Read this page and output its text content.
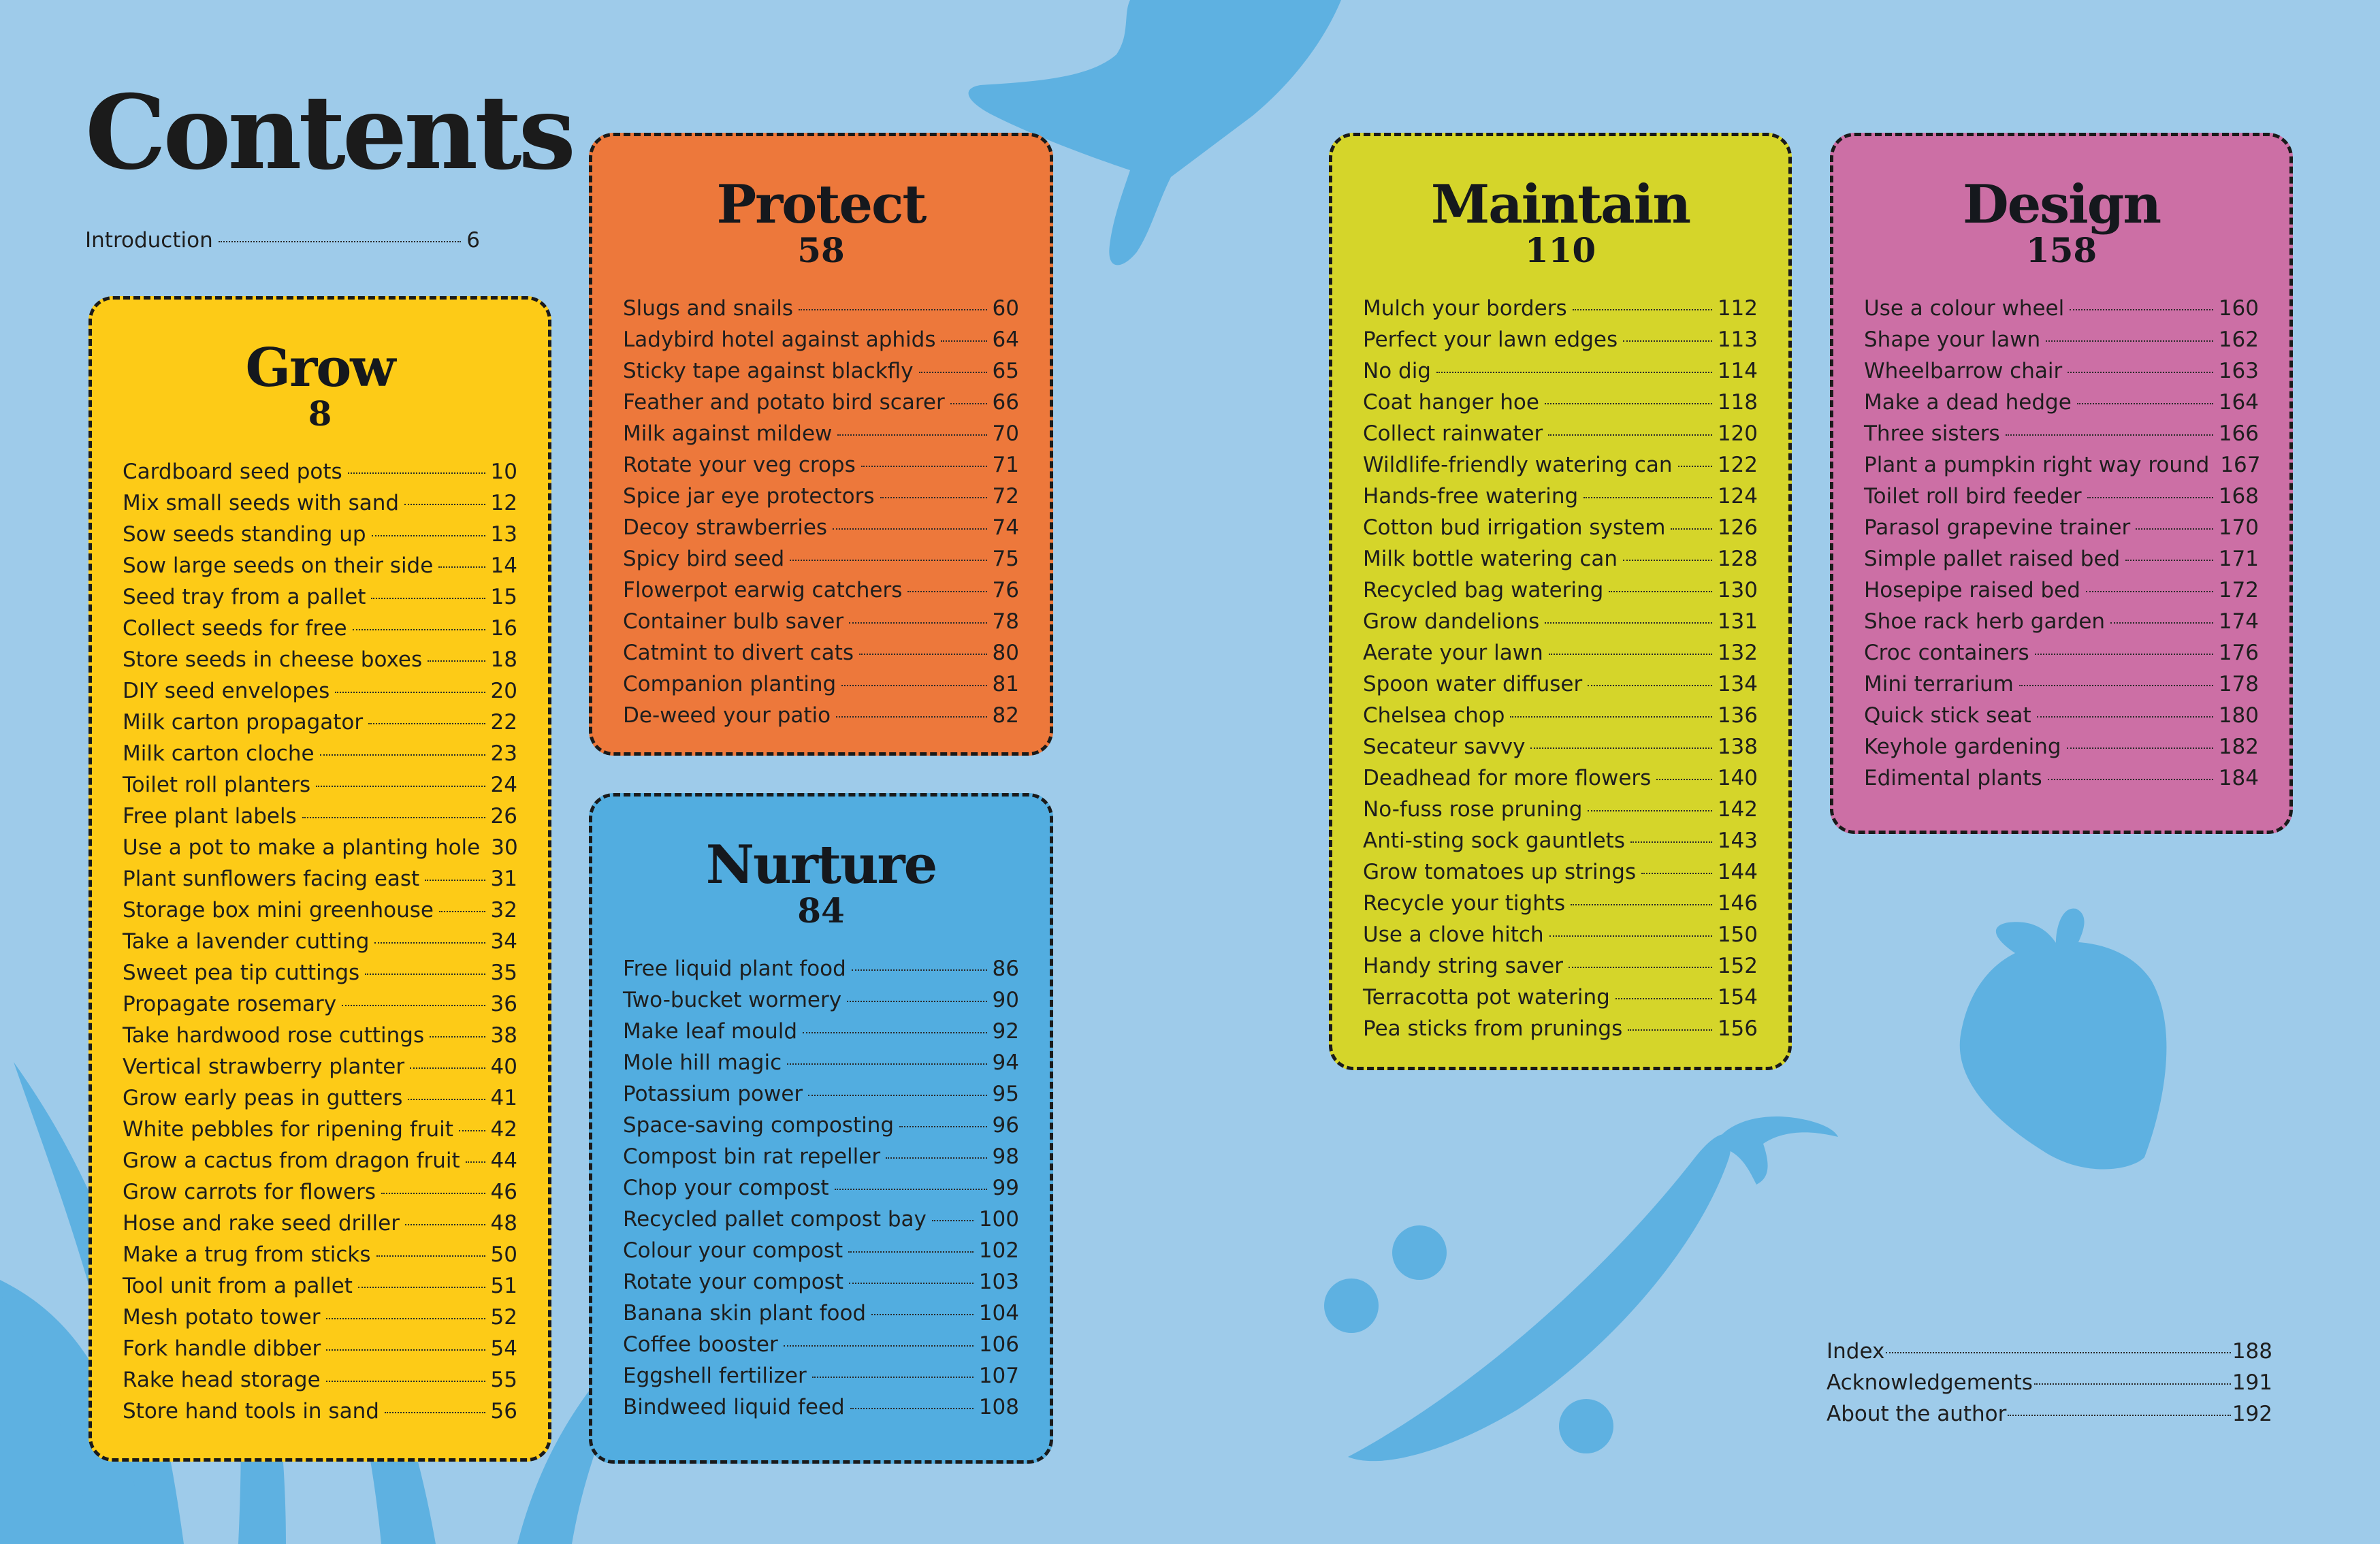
Contents
Introduction	6
Grow
8
Cardboard seed pots	10
Mix small seeds with sand	12
Sow seeds standing up	13
Sow large seeds on their side	14
Seed tray from a pallet	15
Collect seeds for free	16
Store seeds in cheese boxes	18
DIY seed envelopes	20
Milk carton propagator	22
Milk carton cloche	23
Toilet roll planters	24
Free plant labels	26
Use a pot to make a planting hole 30
Plant sunflowers facing east	31
Storage box mini greenhouse	32
Take a lavender cutting	34
Sweet pea tip cuttings	35
Propagate rosemary	36
Take hardwood rose cuttings	38
Vertical strawberry planter	40
Grow early peas in gutters	41
White pebbles for ripening fruit 42
Grow a cactus from dragon fruit 44
Grow carrots for flowers	46
Hose and rake seed driller	48
Make a trug from sticks	50
Tool unit from a pallet	51
Mesh potato tower	52
Fork handle dibber	54
Rake head storage	55
Store hand tools in sand	56
Protect
58
Slugs and snails	60
Ladybird hotel against aphids	64
Sticky tape against blackfly	65
Feather and potato bird scarer 66
Milk against mildew	70
Rotate your veg crops	71
Spice jar eye protectors	72
Decoy strawberries	74
Spicy bird seed	75
Flowerpot earwig catchers	76
Container bulb saver	78
Catmint to divert cats	80
Companion planting	81
De-weed your patio	82
Nurture
84
Free liquid plant food	86
Two-bucket wormery	90
Make leaf mould	92
Mole hill magic	94
Potassium power	95
Space-saving composting	96
Compost bin rat repeller	98
Chop your compost	99
Recycled pallet compost bay 100
Colour your compost	102
Rotate your compost	103
Banana skin plant food	104
Coffee booster	106
Eggshell fertilizer	107
Bindweed liquid feed	108
Maintain
110
Mulch your borders	112
Perfect your lawn edges	113
No dig	114
Coat hanger hoe	118
Collect rainwater	120
Wildlife-friendly watering can 122
Hands-free watering	124
Cotton bud irrigation system 126
Milk bottle watering can	128
Recycled bag watering	130
Grow dandelions	131
Aerate your lawn	132
Spoon water diffuser	134
Chelsea chop	136
Secateur savvy	138
Deadhead for more flowers	140
No-fuss rose pruning	142
Anti-sting sock gauntlets	143
Grow tomatoes up strings	144
Recycle your tights	146
Use a clove hitch	150
Handy string saver	152
Terracotta pot watering	154
Pea sticks from prunings	156
Design
158
Use a colour wheel	160
Shape your lawn	162
Wheelbarrow chair	163
Make a dead hedge	164
Three sisters	166
Plant a pumpkin right way round 167
Toilet roll bird feeder	168
Parasol grapevine trainer	170
Simple pallet raised bed	171
Hosepipe raised bed	172
Shoe rack herb garden	174
Croc containers	176
Mini terrarium	178
Quick stick seat	180
Keyhole gardening	182
Edimental plants	184
Index	188
Acknowledgements	191
About the author	192
